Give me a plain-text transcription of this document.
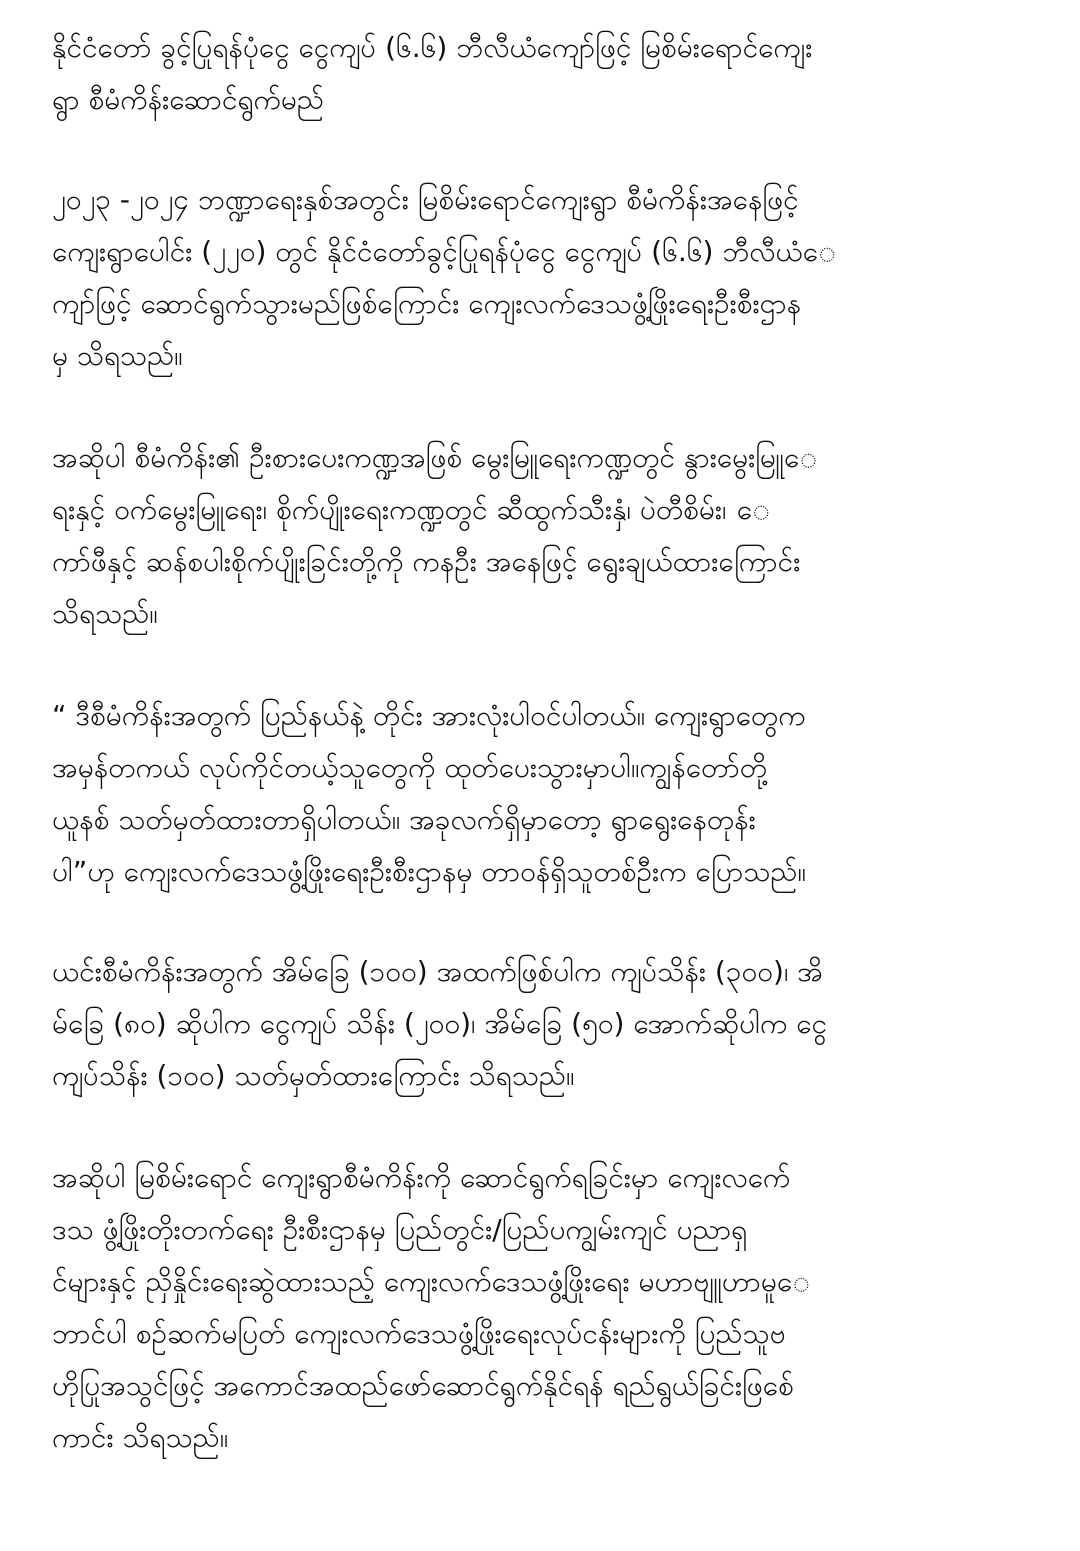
နိုင်ငံတော် ခွင့်ပြုရန်ပုံငွေ ငွေကျပ် (၆.၆) ဘီလီယံကျော်ဖြင့် မြစိမ်းရောင်ကျေး
ရွာ စီမံကိန်းဆောင်ရွက်မည်
၂၀၂၃ -၂၀၂၄ ဘဏ္ဍာရေးနှစ်အတွင်း မြစိမ်းရောင်ကျေးရွာ စီမံကိန်းအနေဖြင့်
ကျေးရွာပေါင်း (၂၂၀) တွင် နိုင်ငံတော်ခွင့်ပြုရန်ပုံငွေ ငွေကျပ် (၆.၆) ဘီလီယံေ
ကျာ်ဖြင့် ဆောင်ရွက်သွားမည်ဖြစ်ကြောင်း ကျေးလက်ဒေသဖွံ့ဖြိုးရေးဦးစီးဌာန
မှ သိရသည်။
အဆိုပါ စီမံကိန်း၏ ဦးစားပေးကဏ္ဍအဖြစ် မွေးမြူရေးကဏ္ဍတွင် နွားမွေးမြူေ
ရးနှင့် ဝက်မွေးမြူရေး၊ စိုက်ပျိုးရေးကဏ္ဍတွင် ဆီထွက်သီးနှံ၊ ပဲတီစိမ်း၊ ေ
ကာ်ဖီနှင့် ဆန်စပါးစိုက်ပျိုးခြင်းတို့ကို ကနဦး အနေဖြင့် ရွေးချယ်ထားကြောင်း
သိရသည်။
“ ဒီစီမံကိန်းအတွက် ပြည်နယ်နဲ့ တိုင်း အားလုံးပါဝင်ပါတယ်။ ကျေးရွာတွေက
အမှန်တကယ် လုပ်ကိုင်တယ့်သူတွေကို ထုတ်ပေးသွားမှာပါ။ကျွန်တော်တို့
ယူနစ် သတ်မှတ်ထားတာရှိပါတယ်။ အခုလက်ရှိမှာတော့ ရွာရွေးနေတုန်း
ပါ”ဟု ကျေးလက်ဒေသဖွံ့ဖြိုးရေးဦးစီးဌာနမှ တာဝန်ရှိသူတစ်ဦးက ပြောသည်။
ယင်းစီမံကိန်းအတွက် အိမ်ခြေ (၁၀၀) အထက်ဖြစ်ပါက ကျပ်သိန်း (၃၀၀)၊ အိ
မ်ခြေ (၈၀) ဆိုပါက ငွေကျပ် သိန်း (၂၀၀)၊ အိမ်ခြေ (၅၀) အောက်ဆိုပါက ငွေ
ကျပ်သိန်း (၁၀၀) သတ်မှတ်ထားကြောင်း သိရသည်။
အဆိုပါ မြစိမ်းရောင် ကျေးရွာစီမံကိန်းကို ဆောင်ရွက်ရခြင်းမှာ ကျေးလက်ေ
ဒသ ဖွံ့ဖြိုးတိုးတက်ရေး ဦးစီးဌာနမှ ပြည်တွင်း/ပြည်ပကျွမ်းကျင် ပညာရှ
င်များနှင့် ညှိနှိုင်းရေးဆွဲထားသည့် ကျေးလက်ဒေသဖွံ့ဖြိုးရေး မဟာဗျူဟာမူေ
ဘာင်ပါ စဉ်ဆက်မပြတ် ကျေးလက်ဒေသဖွံ့ဖြိုးရေးလုပ်ငန်းများကို ပြည်သူဗ
ဟိုပြုအသွင်ဖြင့် အကောင်အထည်ဖော်ဆောင်ရွက်နိုင်ရန် ရည်ရွယ်ခြင်းဖြစ်ေ
ကာင်း သိရသည်။
